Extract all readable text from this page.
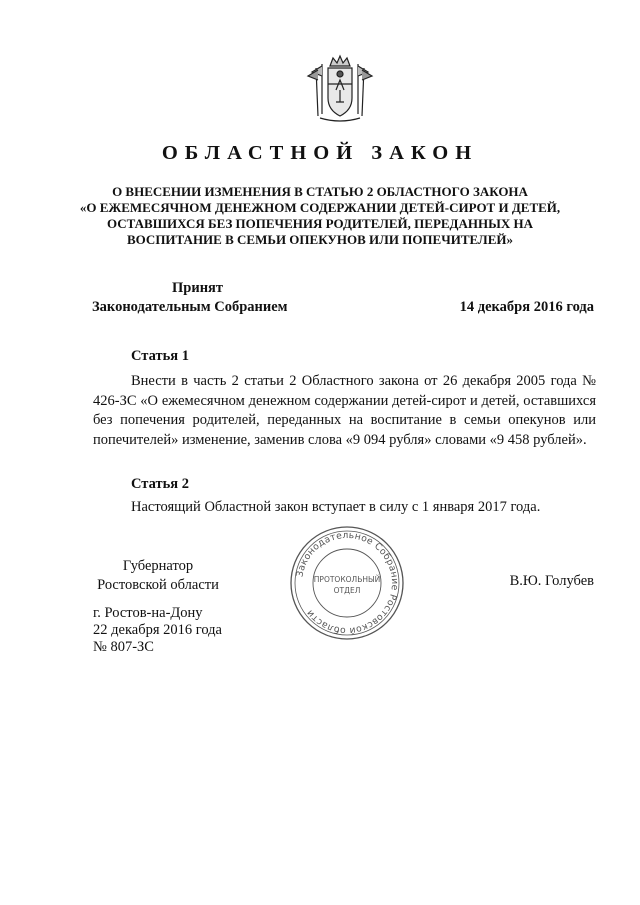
ОБЛАСТНОЙ ЗАКОН
О ВНЕСЕНИИ ИЗМЕНЕНИЯ В СТАТЬЮ 2 ОБЛАСТНОГО ЗАКОНА
«О ЕЖЕМЕСЯЧНОМ ДЕНЕЖНОМ СОДЕРЖАНИИ ДЕТЕЙ-СИРОТ И ДЕТЕЙ,
ОСТАВШИХСЯ БЕЗ ПОПЕЧЕНИЯ РОДИТЕЛЕЙ, ПЕРЕДАННЫХ НА
ВОСПИТАНИЕ В СЕМЬИ ОПЕКУНОВ ИЛИ ПОПЕЧИТЕЛЕЙ»
Принят
Законодательным Собранием	14 декабря 2016 года
Статья 1

Внести в часть 2 статьи 2 Областного закона от 26 декабря 2005 года № 426-ЗС «О ежемесячном денежном содержании детей-сирот и детей, оставшихся без попечения родителей, переданных на воспитание в семьи опекунов или попечителей» изменение, заменив слова «9 094 рубля» словами «9 458 рублей».

Статья 2

Настоящий Областной закон вступает в силу с 1 января 2017 года.

Губернатор
Ростовской области	В.Ю. Голубев
Законодательное Собрание Ростовской области
ПРОТОКОЛЬНЫЙ
ОТДЕЛ
г. Ростов-на-Дону
22 декабря 2016 года
№ 807-ЗС
